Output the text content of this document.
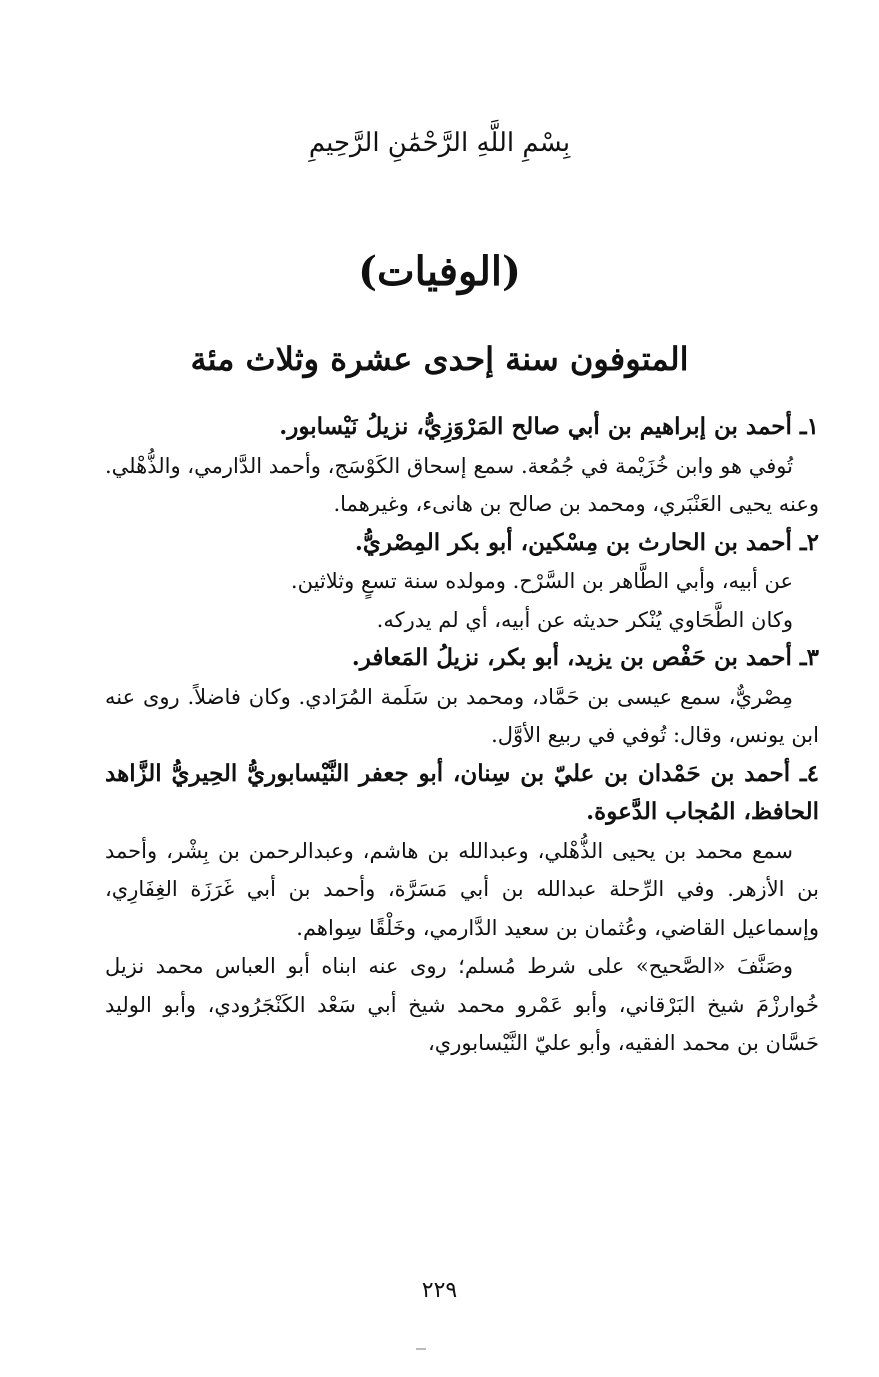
بِسْمِ اللَّهِ الرَّحْمَٰنِ الرَّحِيمِ
(الوفيات)
المتوفون سنة إحدى عشرة وثلاث مئة

١ـ أحمد بن إبراهيم بن أبي صالح المَرْوَزِيُّ، نزيلُ نَيْسابور.

تُوفي هو وابن خُزَيْمة في جُمُعة. سمع إسحاق الكَوْسَج، وأحمد الدَّارمي، والذُّهْلي. وعنه يحيى العَنْبَري، ومحمد بن صالح بن هانىء، وغيرهما.

٢ـ أحمد بن الحارث بن مِسْكين، أبو بكر المِصْريُّ.

عن أبيه، وأبي الطَّاهر بن السَّرْح. ومولده سنة تسعٍ وثلاثين.

وكان الطَّحَاوي يُنْكر حديثه عن أبيه، أي لم يدركه.

٣ـ أحمد بن حَفْص بن يزيد، أبو بكر، نزيلُ المَعافر.

مِصْريٌّ، سمع عيسى بن حَمَّاد، ومحمد بن سَلَمة المُرَادي. وكان فاضلاً. روى عنه ابن يونس، وقال: تُوفي في ربيع الأوَّل.

٤ـ أحمد بن حَمْدان بن عليّ بن سِنان، أبو جعفر النَّيْسابوريُّ الحِيريُّ الزَّاهد الحافظ، المُجاب الدَّعوة.

سمع محمد بن يحيى الذُّهْلي، وعبدالله بن هاشم، وعبدالرحمن بن بِشْر، وأحمد بن الأزهر. وفي الرِّحلة عبدالله بن أبي مَسَرَّة، وأحمد بن أبي غَرَزَة الغِفَارِي، وإسماعيل القاضي، وعُثمان بن سعيد الدَّارمي، وخَلْقًا سِواهم.

وصَنَّفَ «الصَّحيح» على شرط مُسلم؛ روى عنه ابناه أبو العباس محمد نزيل خُوارزْمَ شيخ البَرْقاني، وأبو عَمْرو محمد شيخ أبي سَعْد الكَنْجَرُودي، وأبو الوليد حَسَّان بن محمد الفقيه، وأبو عليّ النَّيْسابوري،

٢٢٩
